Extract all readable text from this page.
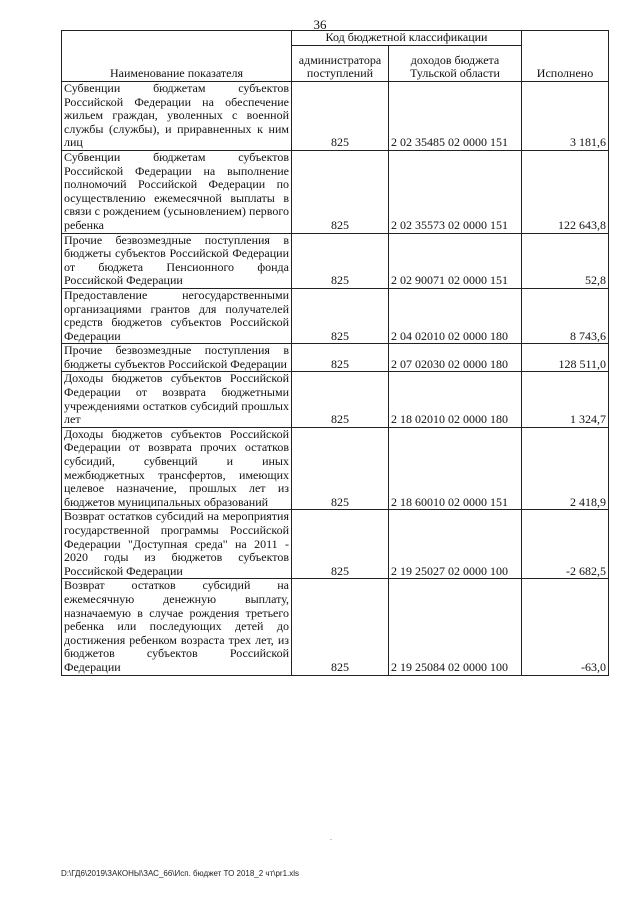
36
Наименование показателя	Код бюджетной классификации		Исполнено
	администратора поступлений	доходов бюджета Тульской области	
Субвенции бюджетам субъектов Российской Федерации на обеспечение жильем граждан, уволенных с военной службы (службы), и приравненных к ним лиц	825	2 02 35485 02 0000 151	3 181,6
Субвенции бюджетам субъектов Российской Федерации на выполнение полномочий Российской Федерации по осуществлению ежемесячной выплаты в связи с рождением (усыновлением) первого ребенка	825	2 02 35573 02 0000 151	122 643,8
Прочие безвозмездные поступления в бюджеты субъектов Российской Федерации от бюджета Пенсионного фонда Российской Федерации	825	2 02 90071 02 0000 151	52,8
Предоставление негосударственными организациями грантов для получателей средств бюджетов субъектов Российской Федерации	825	2 04 02010 02 0000 180	8 743,6
Прочие безвозмездные поступления в бюджеты субъектов Российской Федерации	825	2 07 02030 02 0000 180	128 511,0
Доходы бюджетов субъектов Российской Федерации от возврата бюджетными учреждениями остатков субсидий прошлых лет	825	2 18 02010 02 0000 180	1 324,7
Доходы бюджетов субъектов Российской Федерации от возврата прочих остатков субсидий, субвенций и иных межбюджетных трансфертов, имеющих целевое назначение, прошлых лет из бюджетов муниципальных образований	825	2 18 60010 02 0000 151	2 418,9
Возврат остатков субсидий на мероприятия государственной программы Российской Федерации "Доступная среда" на 2011 - 2020 годы из бюджетов субъектов Российской Федерации	825	2 19 25027 02 0000 100	-2 682,5
Возврат остатков субсидий на ежемесячную денежную выплату, назначаемую в случае рождения третьего ребенка или последующих детей до достижения ребенком возраста трех лет, из бюджетов субъектов Российской Федерации	825	2 19 25084 02 0000 100	-63,0
.
D:\ГД6\2019\ЗАКОНЫ\ЗАС_66\Исп. бюджет ТО 2018_2 чт\pr1.xls
